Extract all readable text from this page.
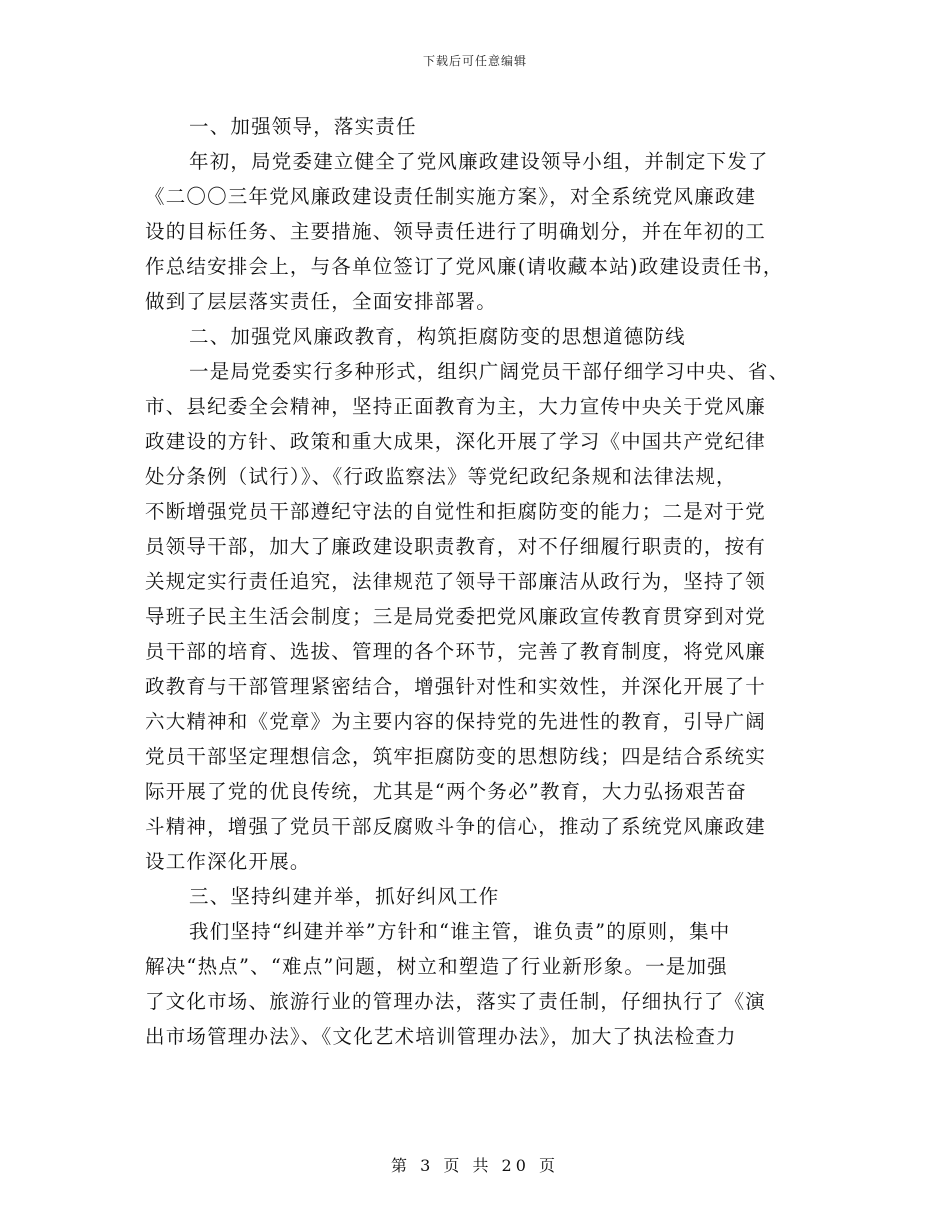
下载后可任意编辑
一、加强领导，落实责任
年初，局党委建立健全了党风廉政建设领导小组，并制定下发了
《二〇〇三年党风廉政建设责任制实施方案》，对全系统党风廉政建
设的目标任务、主要措施、领导责任进行了明确划分，并在年初的工
作总结安排会上，与各单位签订了党风廉(请收藏本站)政建设责任书，
做到了层层落实责任，全面安排部署。
二、加强党风廉政教育，构筑拒腐防变的思想道德防线
一是局党委实行多种形式，组织广阔党员干部仔细学习中央、省、
市、县纪委全会精神，坚持正面教育为主，大力宣传中央关于党风廉
政建设的方针、政策和重大成果，深化开展了学习《中国共产党纪律
处分条例（试行）》、《行政监察法》等党纪政纪条规和法律法规，
不断增强党员干部遵纪守法的自觉性和拒腐防变的能力；二是对于党
员领导干部，加大了廉政建设职责教育，对不仔细履行职责的，按有
关规定实行责任追究，法律规范了领导干部廉洁从政行为，坚持了领
导班子民主生活会制度；三是局党委把党风廉政宣传教育贯穿到对党
员干部的培育、选拔、管理的各个环节，完善了教育制度，将党风廉
政教育与干部管理紧密结合，增强针对性和实效性，并深化开展了十
六大精神和《党章》为主要内容的保持党的先进性的教育，引导广阔
党员干部坚定理想信念，筑牢拒腐防变的思想防线；四是结合系统实
际开展了党的优良传统，尤其是“两个务必”教育，大力弘扬艰苦奋
斗精神，增强了党员干部反腐败斗争的信心，推动了系统党风廉政建
设工作深化开展。
三、坚持纠建并举，抓好纠风工作
我们坚持“纠建并举”方针和“谁主管，谁负责”的原则，集中
解决“热点”、“难点”问题，树立和塑造了行业新形象。一是加强
了文化市场、旅游行业的管理办法，落实了责任制，仔细执行了《演
出市场管理办法》、《文化艺术培训管理办法》，加大了执法检查力
第 3 页 共 20 页
